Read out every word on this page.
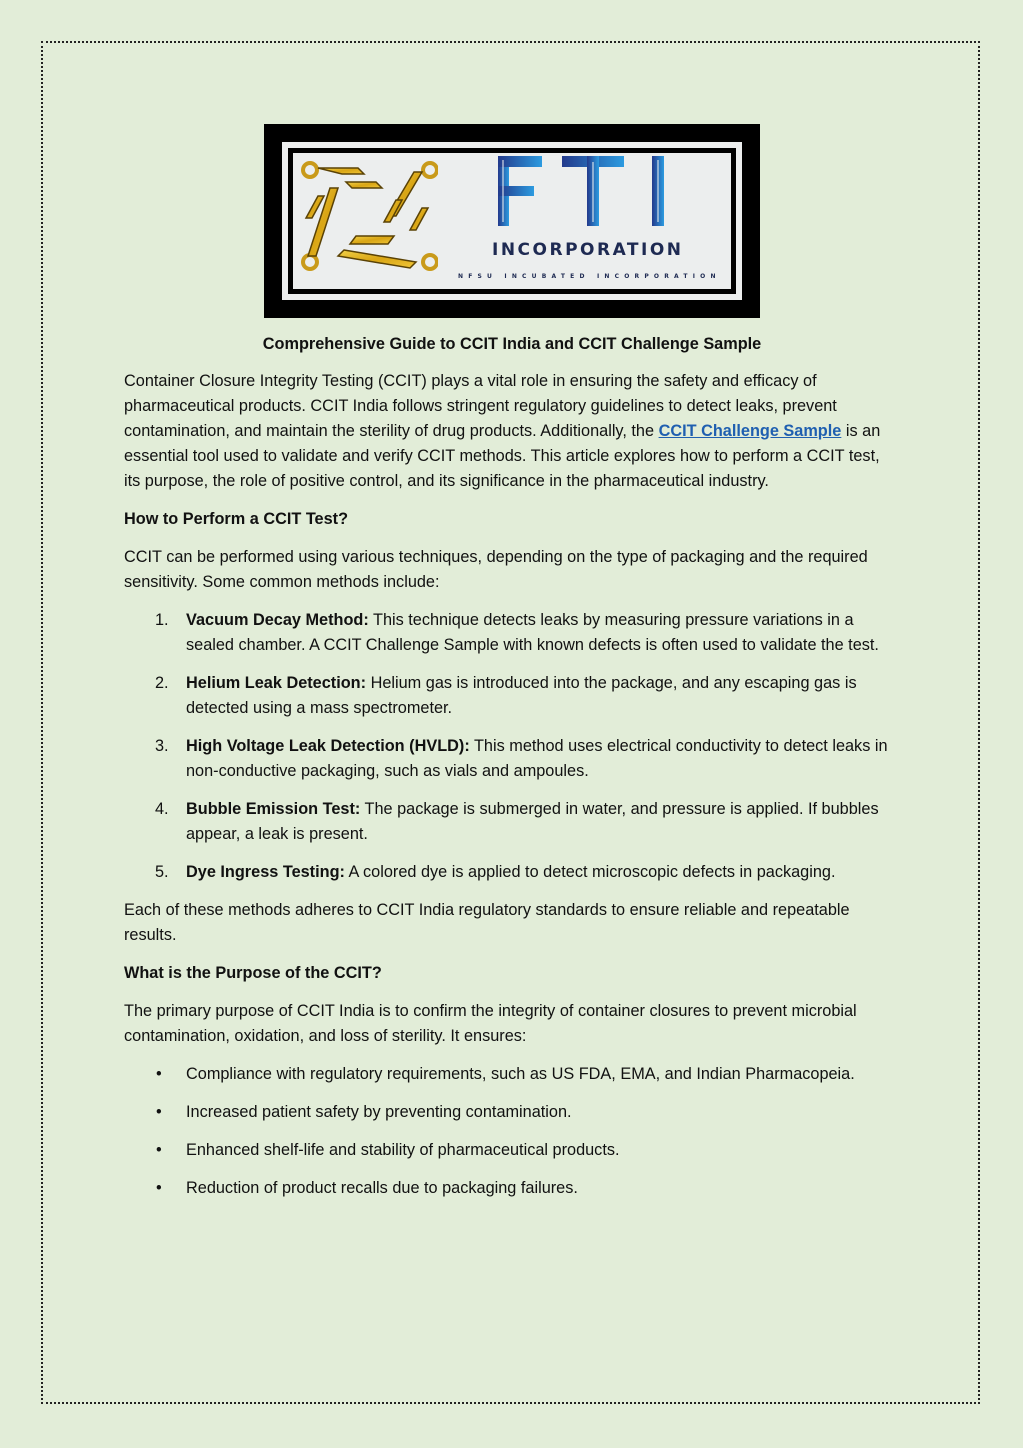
INCORPORATION
NFSU INCUBATED INCORPORATION
Comprehensive Guide to CCIT India and CCIT Challenge Sample

Container Closure Integrity Testing (CCIT) plays a vital role in ensuring the safety and efficacy of pharmaceutical products. CCIT India follows stringent regulatory guidelines to detect leaks, prevent contamination, and maintain the sterility of drug products. Additionally, the CCIT Challenge Sample is an essential tool used to validate and verify CCIT methods. This article explores how to perform a CCIT test, its purpose, the role of positive control, and its significance in the pharmaceutical industry.

How to Perform a CCIT Test?

CCIT can be performed using various techniques, depending on the type of packaging and the required sensitivity. Some common methods include:

1. Vacuum Decay Method: This technique detects leaks by measuring pressure variations in a sealed chamber. A CCIT Challenge Sample with known defects is often used to validate the test.
2. Helium Leak Detection: Helium gas is introduced into the package, and any escaping gas is detected using a mass spectrometer.
3. High Voltage Leak Detection (HVLD): This method uses electrical conductivity to detect leaks in non-conductive packaging, such as vials and ampoules.
4. Bubble Emission Test: The package is submerged in water, and pressure is applied. If bubbles appear, a leak is present.
5. Dye Ingress Testing: A colored dye is applied to detect microscopic defects in packaging.

Each of these methods adheres to CCIT India regulatory standards to ensure reliable and repeatable results.

What is the Purpose of the CCIT?

The primary purpose of CCIT India is to confirm the integrity of container closures to prevent microbial contamination, oxidation, and loss of sterility. It ensures:

• Compliance with regulatory requirements, such as US FDA, EMA, and Indian Pharmacopeia.
• Increased patient safety by preventing contamination.
• Enhanced shelf-life and stability of pharmaceutical products.
• Reduction of product recalls due to packaging failures.
